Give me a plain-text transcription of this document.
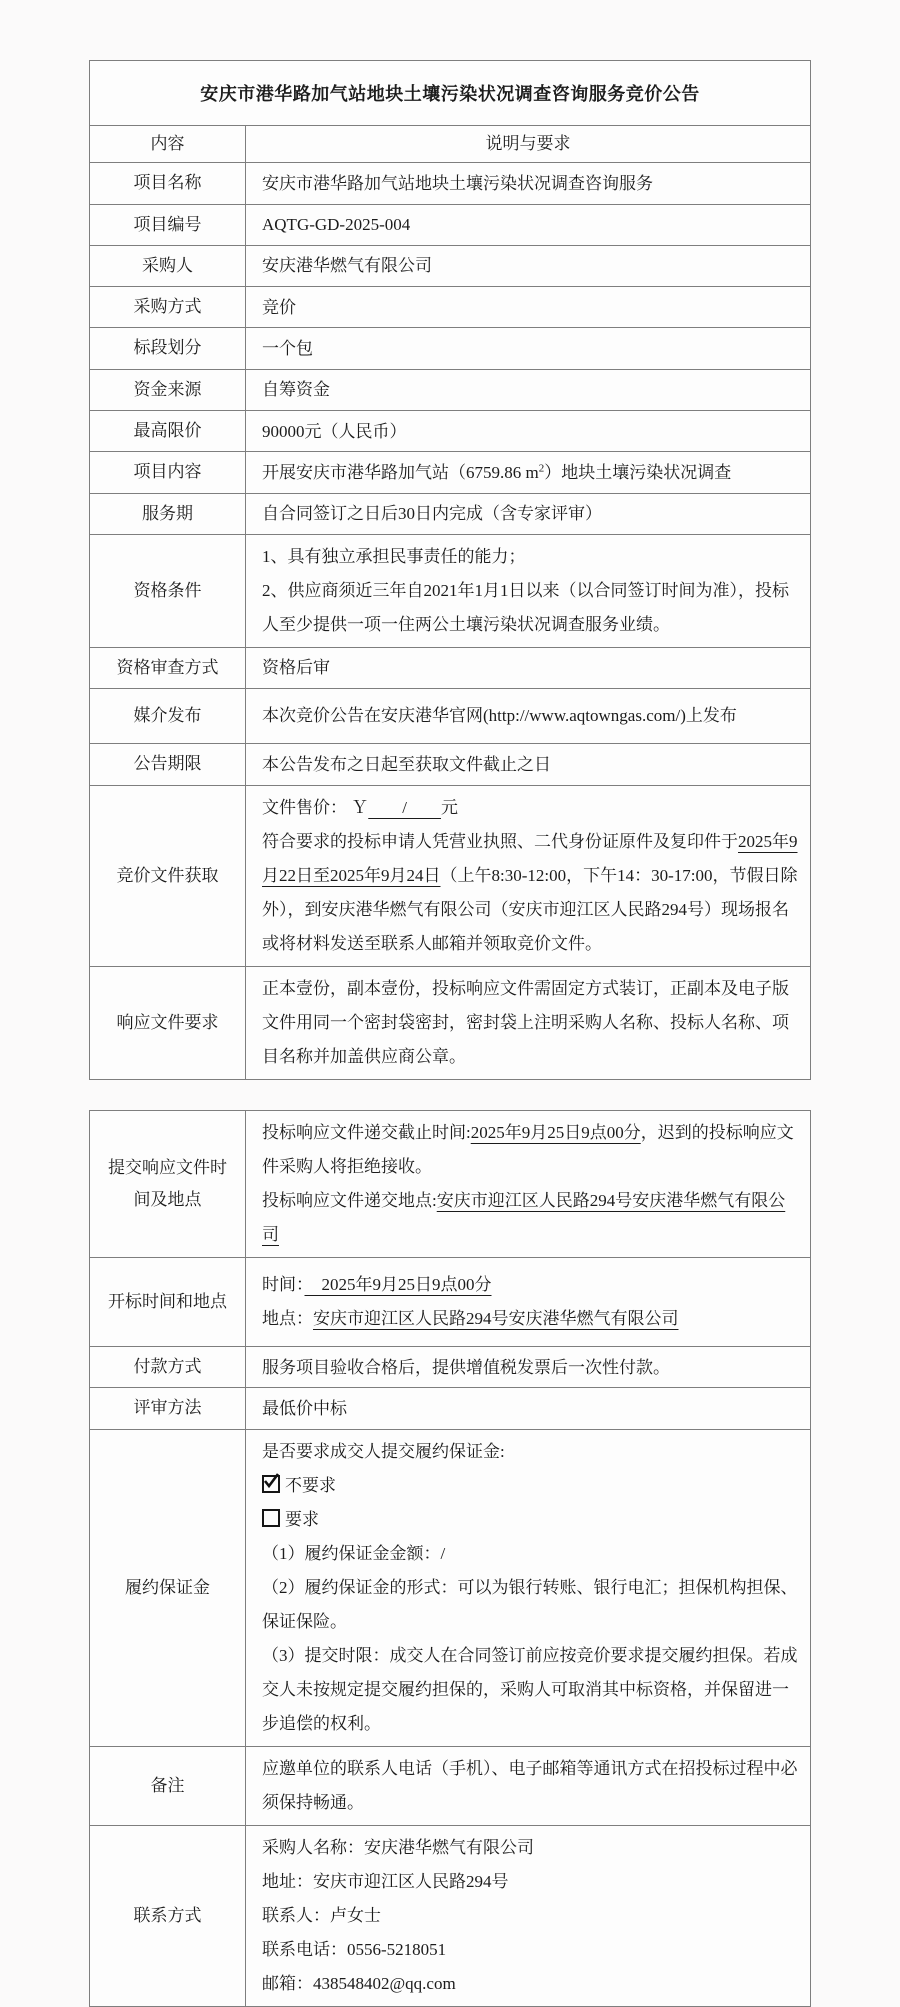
安庆市港华路加气站地块土壤污染状况调查咨询服务竞价公告	
内容	说明与要求
项目名称	安庆市港华路加气站地块土壤污染状况调查咨询服务
项目编号	AQTG-GD-2025-004
采购人	安庆港华燃气有限公司
采购方式	竞价
标段划分	一个包
资金来源	自筹资金
最高限价	90000元（人民币）
项目内容	开展安庆市港华路加气站（6759.86 $m^2$）地块土壤污染状况调查
服务期	自合同签订之日后30日内完成（含专家评审）
资格条件	1、具有独立承担民事责任的能力；

2、供应商须近三年自2021年1月1日以来（以合同签订时间为准），投标人至少提供一项一住两公土壤污染状况调查服务业绩。

资格审查方式	资格后审
媒介发布	本次竞价公告在安庆港华官网(http://www.aqtowngas.com/)上发布
公告期限	本公告发布之日起至获取文件截止之日
竞价文件获取	文件售价： Ｙ　　/　　元

符合要求的投标申请人凭营业执照、二代身份证原件及复印件于2025年9月22日至2025年9月24日（上午8:30-12:00，下午14：30-17:00，节假日除外），到安庆港华燃气有限公司（安庆市迎江区人民路294号）现场报名或将材料发送至联系人邮箱并领取竞价文件。

响应文件要求	正本壹份，副本壹份，投标响应文件需固定方式装订，正副本及电子版文件用同一个密封袋密封，密封袋上注明采购人名称、投标人名称、项目名称并加盖供应商公章。

提交响应文件时间及地点	投标响应文件递交截止时间:2025年9月25日9点00分，迟到的投标响应文件采购人将拒绝接收。

投标响应文件递交地点:安庆市迎江区人民路294号安庆港华燃气有限公司

开标时间和地点	时间：　2025年9月25日9点00分

地点：安庆市迎江区人民路294号安庆港华燃气有限公司

付款方式	服务项目验收合格后，提供增值税发票后一次性付款。
评审方法	最低价中标
履约保证金	

是否要求成交人提交履约保证金:

不要求

要求

（1）履约保证金金额：/

（2）履约保证金的形式：可以为银行转账、银行电汇；担保机构担保、保证保险。

（3）提交时限：成交人在合同签订前应按竞价要求提交履约担保。若成交人未按规定提交履约担保的，采购人可取消其中标资格，并保留进一步追偿的权利。

备注	应邀单位的联系人电话（手机）、电子邮箱等通讯方式在招投标过程中必须保持畅通。

联系方式	采购人名称：安庆港华燃气有限公司

地址：安庆市迎江区人民路294号

联系人：卢女士

联系电话：0556-5218051

邮箱：438548402@qq.com
